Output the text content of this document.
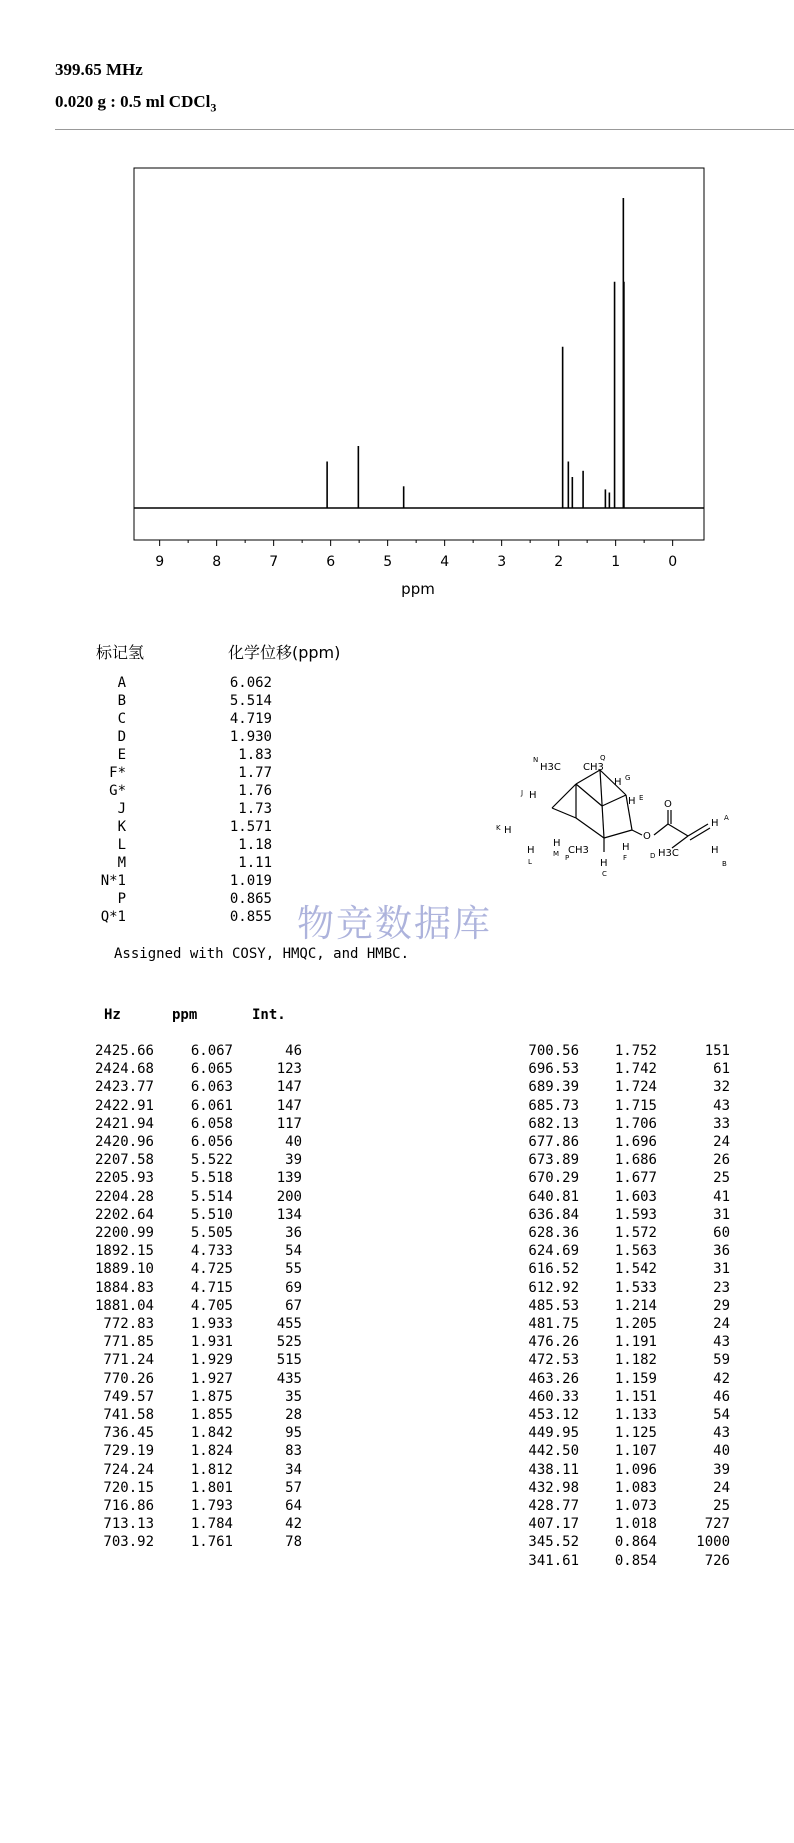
399.65 MHz
0.020 g : 0.5 ml CDCl$_3$
9	8	7	6	5	4	3	2	1	0
ppm
标记氢	化学位移(ppm)
A	6.062
B	5.514
C	4.719
D	1.930
E	1.83
F*	1.77
G*	1.76
J	1.73
K	1.571
L	1.18
M	1.11
N*1	1.019
P	0.865
Q*1	0.855
Assigned with COSY, HMQC, and HMBC.
N
H3C CH3
Q
H G
H E
J H
K H
H
L
H
M CH3
P	H
C
H
F
O
O
D H3C
H A
H
B
物竞数据库
Hz	ppm	Int.
2425.66	6.067	46
2424.68	6.065	123
2423.77	6.063	147
2422.91	6.061	147
2421.94	6.058	117
2420.96	6.056	40
2207.58	5.522	39
2205.93	5.518	139
2204.28	5.514	200
2202.64	5.510	134
2200.99	5.505	36
1892.15	4.733	54
1889.10	4.725	55
1884.83	4.715	69
1881.04	4.705	67
772.83	1.933	455
771.85	1.931	525
771.24	1.929	515
770.26	1.927	435
749.57	1.875	35
741.58	1.855	28
736.45	1.842	95
729.19	1.824	83
724.24	1.812	34
720.15	1.801	57
716.86	1.793	64
713.13	1.784	42
703.92	1.761	78
700.56	1.752	151
696.53	1.742	61
689.39	1.724	32
685.73	1.715	43
682.13	1.706	33
677.86	1.696	24
673.89	1.686	26
670.29	1.677	25
640.81	1.603	41
636.84	1.593	31
628.36	1.572	60
624.69	1.563	36
616.52	1.542	31
612.92	1.533	23
485.53	1.214	29
481.75	1.205	24
476.26	1.191	43
472.53	1.182	59
463.26	1.159	42
460.33	1.151	46
453.12	1.133	54
449.95	1.125	43
442.50	1.107	40
438.11	1.096	39
432.98	1.083	24
428.77	1.073	25
407.17	1.018	727
345.52	0.864	1000
341.61	0.854	726
